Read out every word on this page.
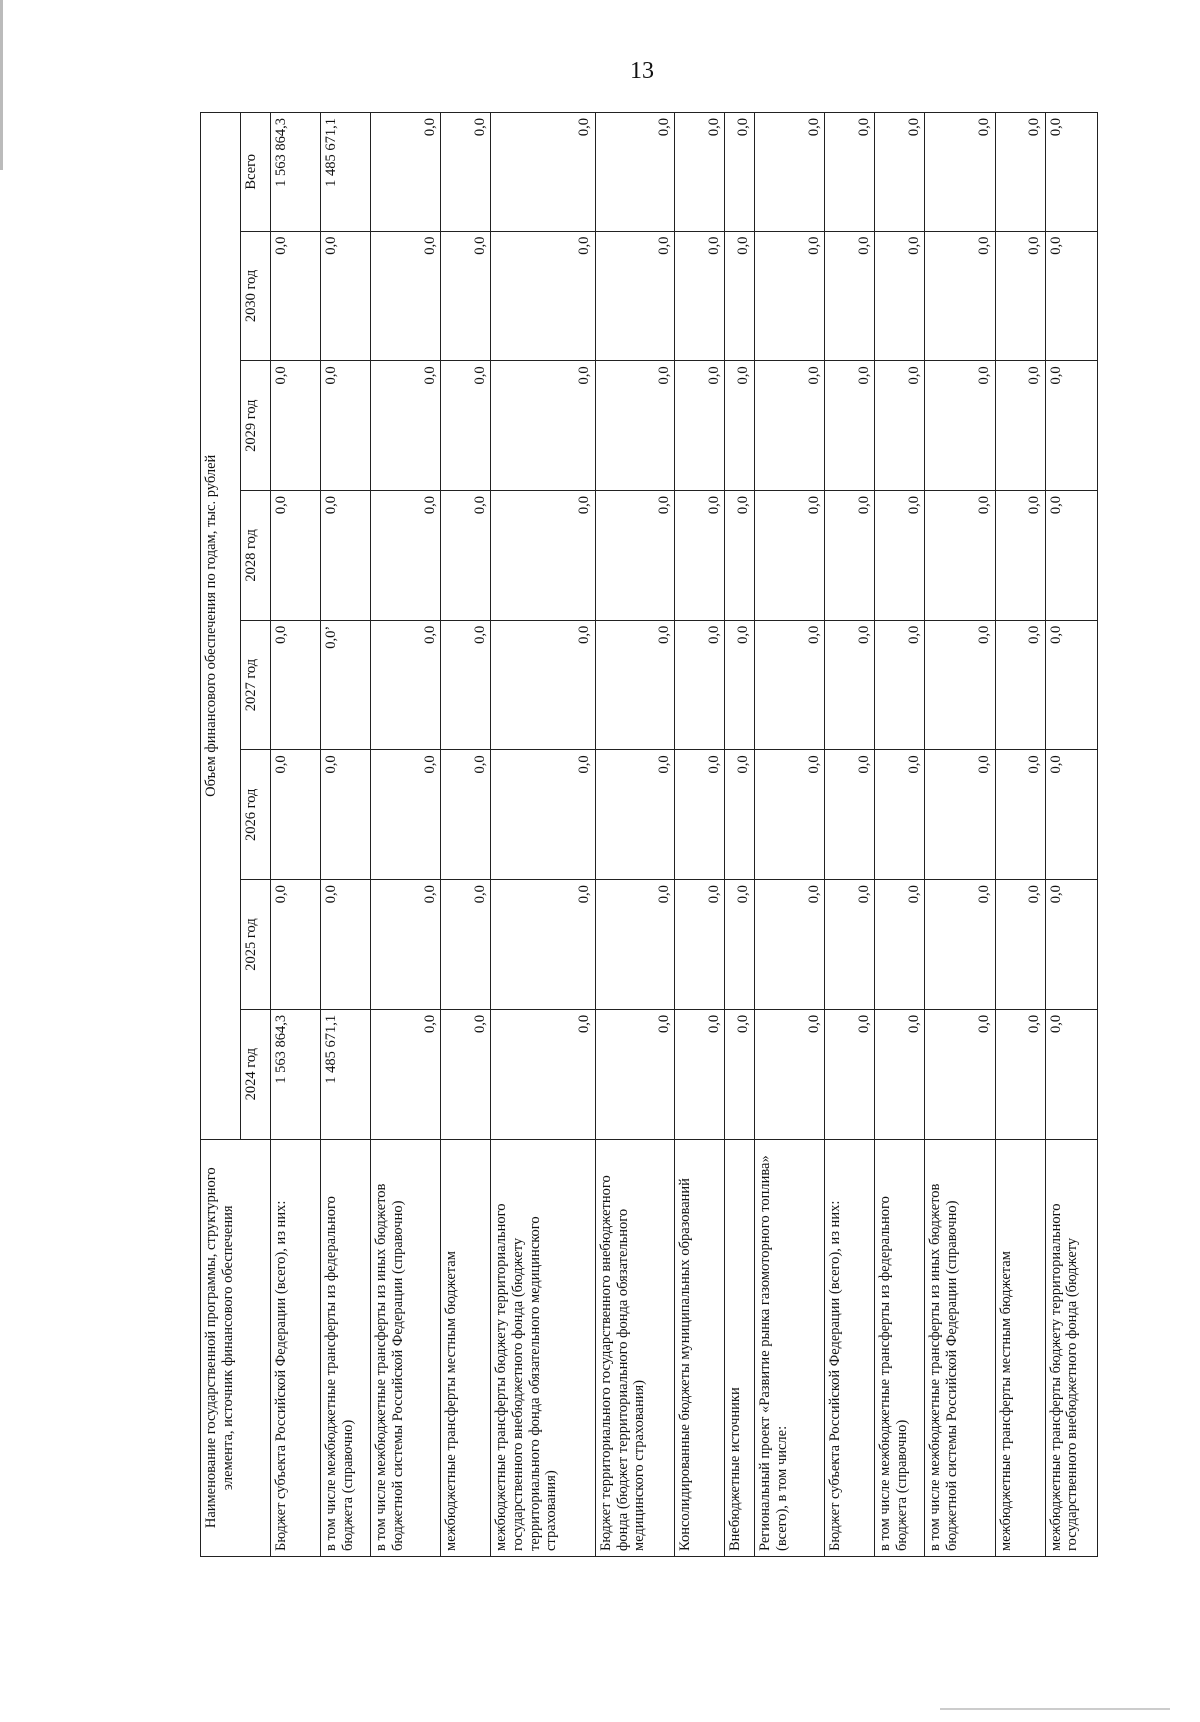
13
Наименование государственной программы, структурного элемента, источник финансового обеспечения	Объем финансового обеспечения по годам, тыс. рублей							
	2024 год	2025 год	2026 год	2027 год	2028 год	2029 год	2030 год	Всего
Бюджет субъекта Российской Федерации (всего), из них:	1 563 864,3	0,0	0,0	0,0	0,0	0,0	0,0	1 563 864,3
в том числе межбюджетные трансферты из федерального бюджета (справочно)	1 485 671,1	0,0	0,0	0,0’	0,0	0,0	0,0	1 485 671,1
в том числе межбюджетные трансферты из иных бюджетов бюджетной системы Российской Федерации (справочно)	0,0	0,0	0,0	0,0	0,0	0,0	0,0	0,0
межбюджетные трансферты местным бюджетам	0,0	0,0	0,0	0,0	0,0	0,0	0,0	0,0
межбюджетные трансферты бюджету территориального государственного внебюджетного фонда (бюджету территориального фонда обязательного медицинского страхования)	0,0	0,0	0,0	0,0	0,0	0,0	0,0	0,0
Бюджет территориального государственного внебюджетного фонда (бюджет территориального фонда обязательного медицинского страхования)	0,0	0,0	0,0	0,0	0,0	0,0	0,0	0,0
Консолидированные бюджеты муниципальных образований	0,0	0,0	0,0	0,0	0,0	0,0	0,0	0,0
Внебюджетные источники	0,0	0,0	0,0	0,0	0,0	0,0	0,0	0,0
Региональный проект «Развитие рынка газомоторного топлива» (всего), в том числе:	0,0	0,0	0,0	0,0	0,0	0,0	0,0	0,0
Бюджет субъекта Российской Федерации (всего), из них:	0,0	0,0	0,0	0,0	0,0	0,0	0,0	0,0
в том числе межбюджетные трансферты из федерального бюджета (справочно)	0,0	0,0	0,0	0,0	0,0	0,0	0,0	0,0
в том числе межбюджетные трансферты из иных бюджетов бюджетной системы Российской Федерации (справочно)	0,0	0,0	0,0	0,0	0,0	0,0	0,0	0,0
межбюджетные трансферты местным бюджетам	0,0	0,0	0,0	0,0	0,0	0,0	0,0	0,0
межбюджетные трансферты бюджету территориального государственного внебюджетного фонда (бюджету	0,0	0,0	0,0	0,0	0,0	0,0	0,0	0,0
